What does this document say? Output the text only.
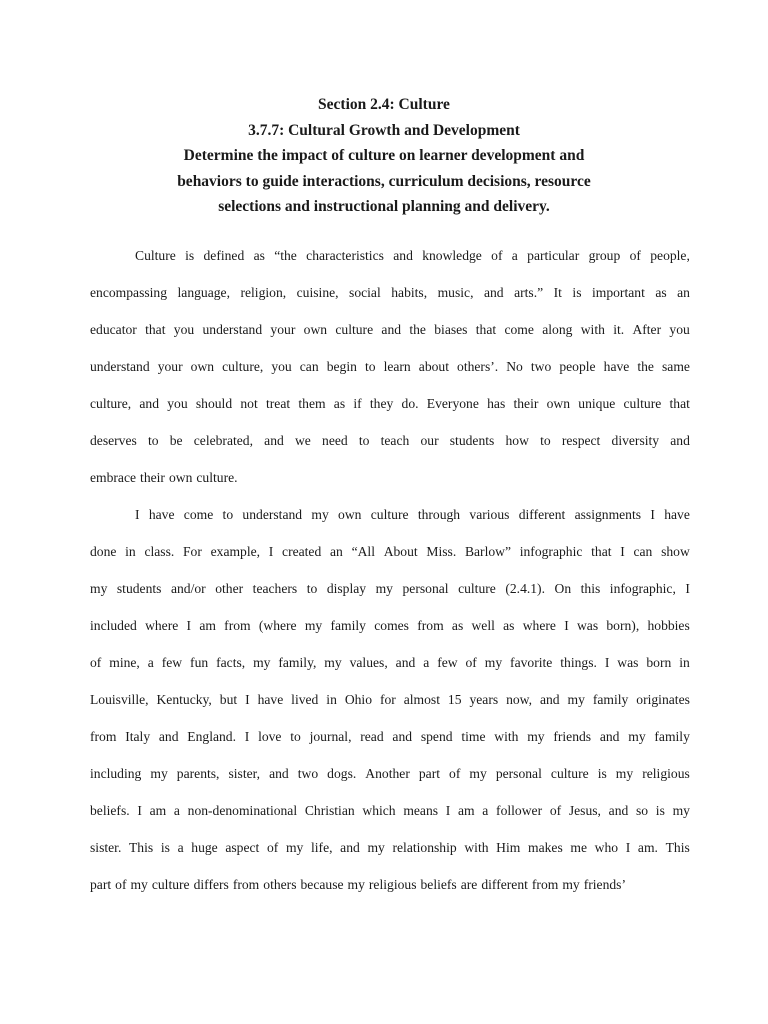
Section 2.4: Culture
3.7.7: Cultural Growth and Development
Determine the impact of culture on learner development and
behaviors to guide interactions, curriculum decisions, resource
selections and instructional planning and delivery.
Culture is defined as “the characteristics and knowledge of a particular group of people,
encompassing language, religion, cuisine, social habits, music, and arts.” It is important as an
educator that you understand your own culture and the biases that come along with it. After you
understand your own culture, you can begin to learn about others’. No two people have the same
culture, and you should not treat them as if they do. Everyone has their own unique culture that
deserves to be celebrated, and we need to teach our students how to respect diversity and
embrace their own culture.
I have come to understand my own culture through various different assignments I have
done in class. For example, I created an “All About Miss. Barlow” infographic that I can show
my students and/or other teachers to display my personal culture (2.4.1). On this infographic, I
included where I am from (where my family comes from as well as where I was born), hobbies
of mine, a few fun facts, my family, my values, and a few of my favorite things. I was born in
Louisville, Kentucky, but I have lived in Ohio for almost 15 years now, and my family originates
from Italy and England. I love to journal, read and spend time with my friends and my family
including my parents, sister, and two dogs. Another part of my personal culture is my religious
beliefs. I am a non-denominational Christian which means I am a follower of Jesus, and so is my
sister. This is a huge aspect of my life, and my relationship with Him makes me who I am. This
part of my culture differs from others because my religious beliefs are different from my friends’
